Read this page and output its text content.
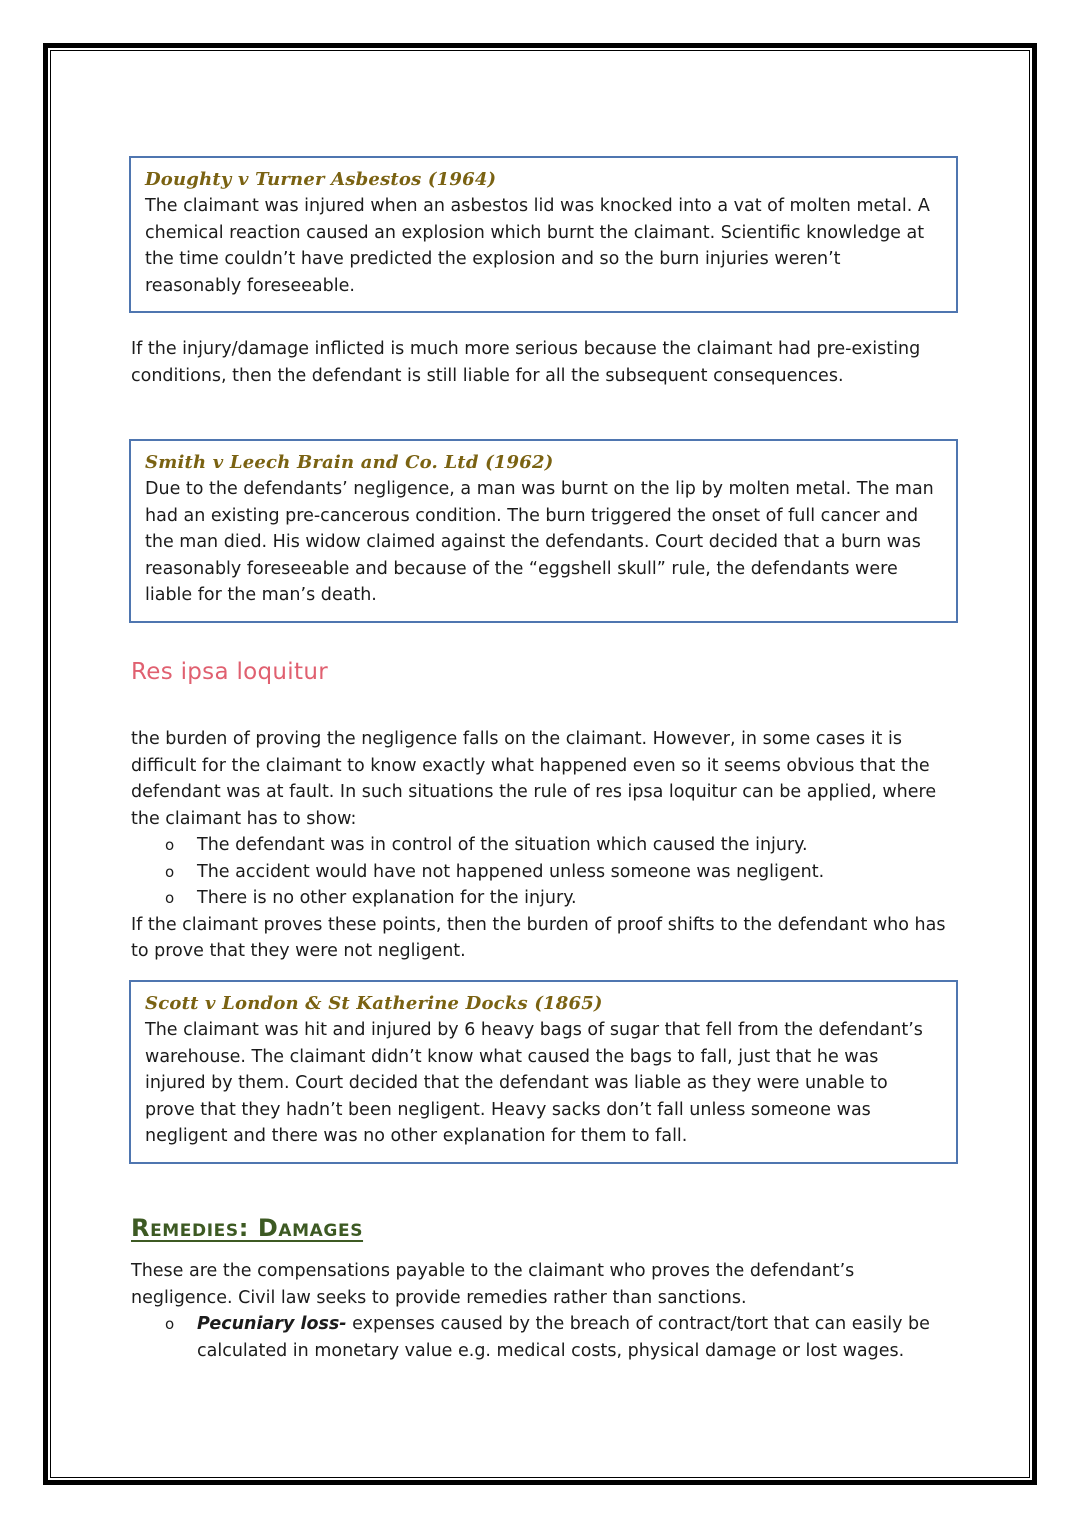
Doughty v Turner Asbestos (1964)
The claimant was injured when an asbestos lid was knocked into a vat of molten metal. A chemical reaction caused an explosion which burnt the claimant. Scientific knowledge at the time couldn’t have predicted the explosion and so the burn injuries weren’t reasonably foreseeable.
If the injury/damage inflicted is much more serious because the claimant had pre-existing conditions, then the defendant is still liable for all the subsequent consequences.
Smith v Leech Brain and Co. Ltd (1962)
Due to the defendants’ negligence, a man was burnt on the lip by molten metal. The man had an existing pre-cancerous condition. The burn triggered the onset of full cancer and the man died. His widow claimed against the defendants. Court decided that a burn was reasonably foreseeable and because of the “eggshell skull” rule, the defendants were liable for the man’s death.
Res ipsa loquitur
the burden of proving the negligence falls on the claimant. However, in some cases it is difficult for the claimant to know exactly what happened even so it seems obvious that the defendant was at fault. In such situations the rule of res ipsa loquitur can be applied, where the claimant has to show:
o The defendant was in control of the situation which caused the injury.
o The accident would have not happened unless someone was negligent.
o There is no other explanation for the injury.
If the claimant proves these points, then the burden of proof shifts to the defendant who has to prove that they were not negligent.
Scott v London & St Katherine Docks (1865)
The claimant was hit and injured by 6 heavy bags of sugar that fell from the defendant’s warehouse. The claimant didn’t know what caused the bags to fall, just that he was injured by them. Court decided that the defendant was liable as they were unable to prove that they hadn’t been negligent. Heavy sacks don’t fall unless someone was negligent and there was no other explanation for them to fall.
Remedies: Damages
These are the compensations payable to the claimant who proves the defendant’s negligence. Civil law seeks to provide remedies rather than sanctions.
o Pecuniary loss- expenses caused by the breach of contract/tort that can easily be calculated in monetary value e.g. medical costs, physical damage or lost wages.
